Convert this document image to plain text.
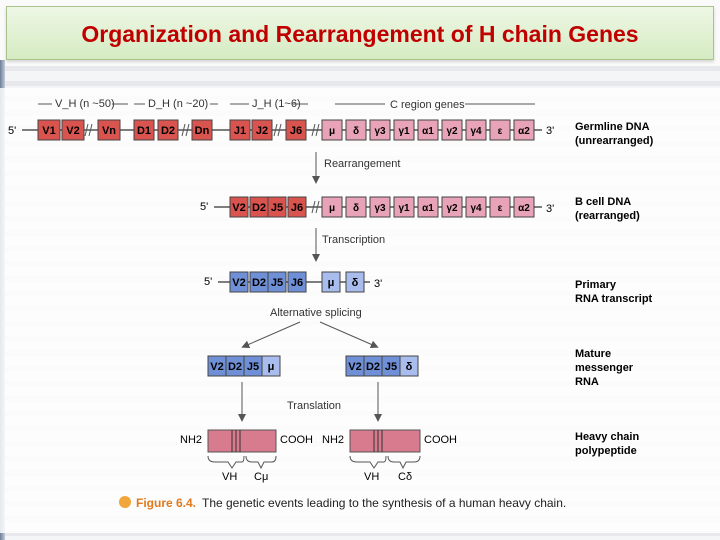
Organization and Rearrangement of H chain Genes
V_H (n ~50)	D_H (n ~20)	J_H (1~6)	C region genes
5'	3'
V1 V2 Vn D1 D2 Dn J1 J2 J6	μ δ γ3 γ1 α1 γ2 γ4 ε α2	Germline DNA
(unrearranged)
Rearrangement
5'	3'
V2 D2 J5 J6	μ δ γ3 γ1 α1 γ2 γ4 ε α2
B cell DNA
(rearranged)
Transcription
5'	3'
V2 D2 J5 J6 μ δ	Primary
RNA transcript
Alternative splicing
V2 D2 J5 μ	V2 D2 J5 δ
Mature
messenger
RNA
Translation
NH2	COOH
VH Cμ
NH2	COOH
VH Cδ
Heavy chain
polypeptide
Figure 6.4. The genetic events leading to the synthesis of a human heavy chain.
